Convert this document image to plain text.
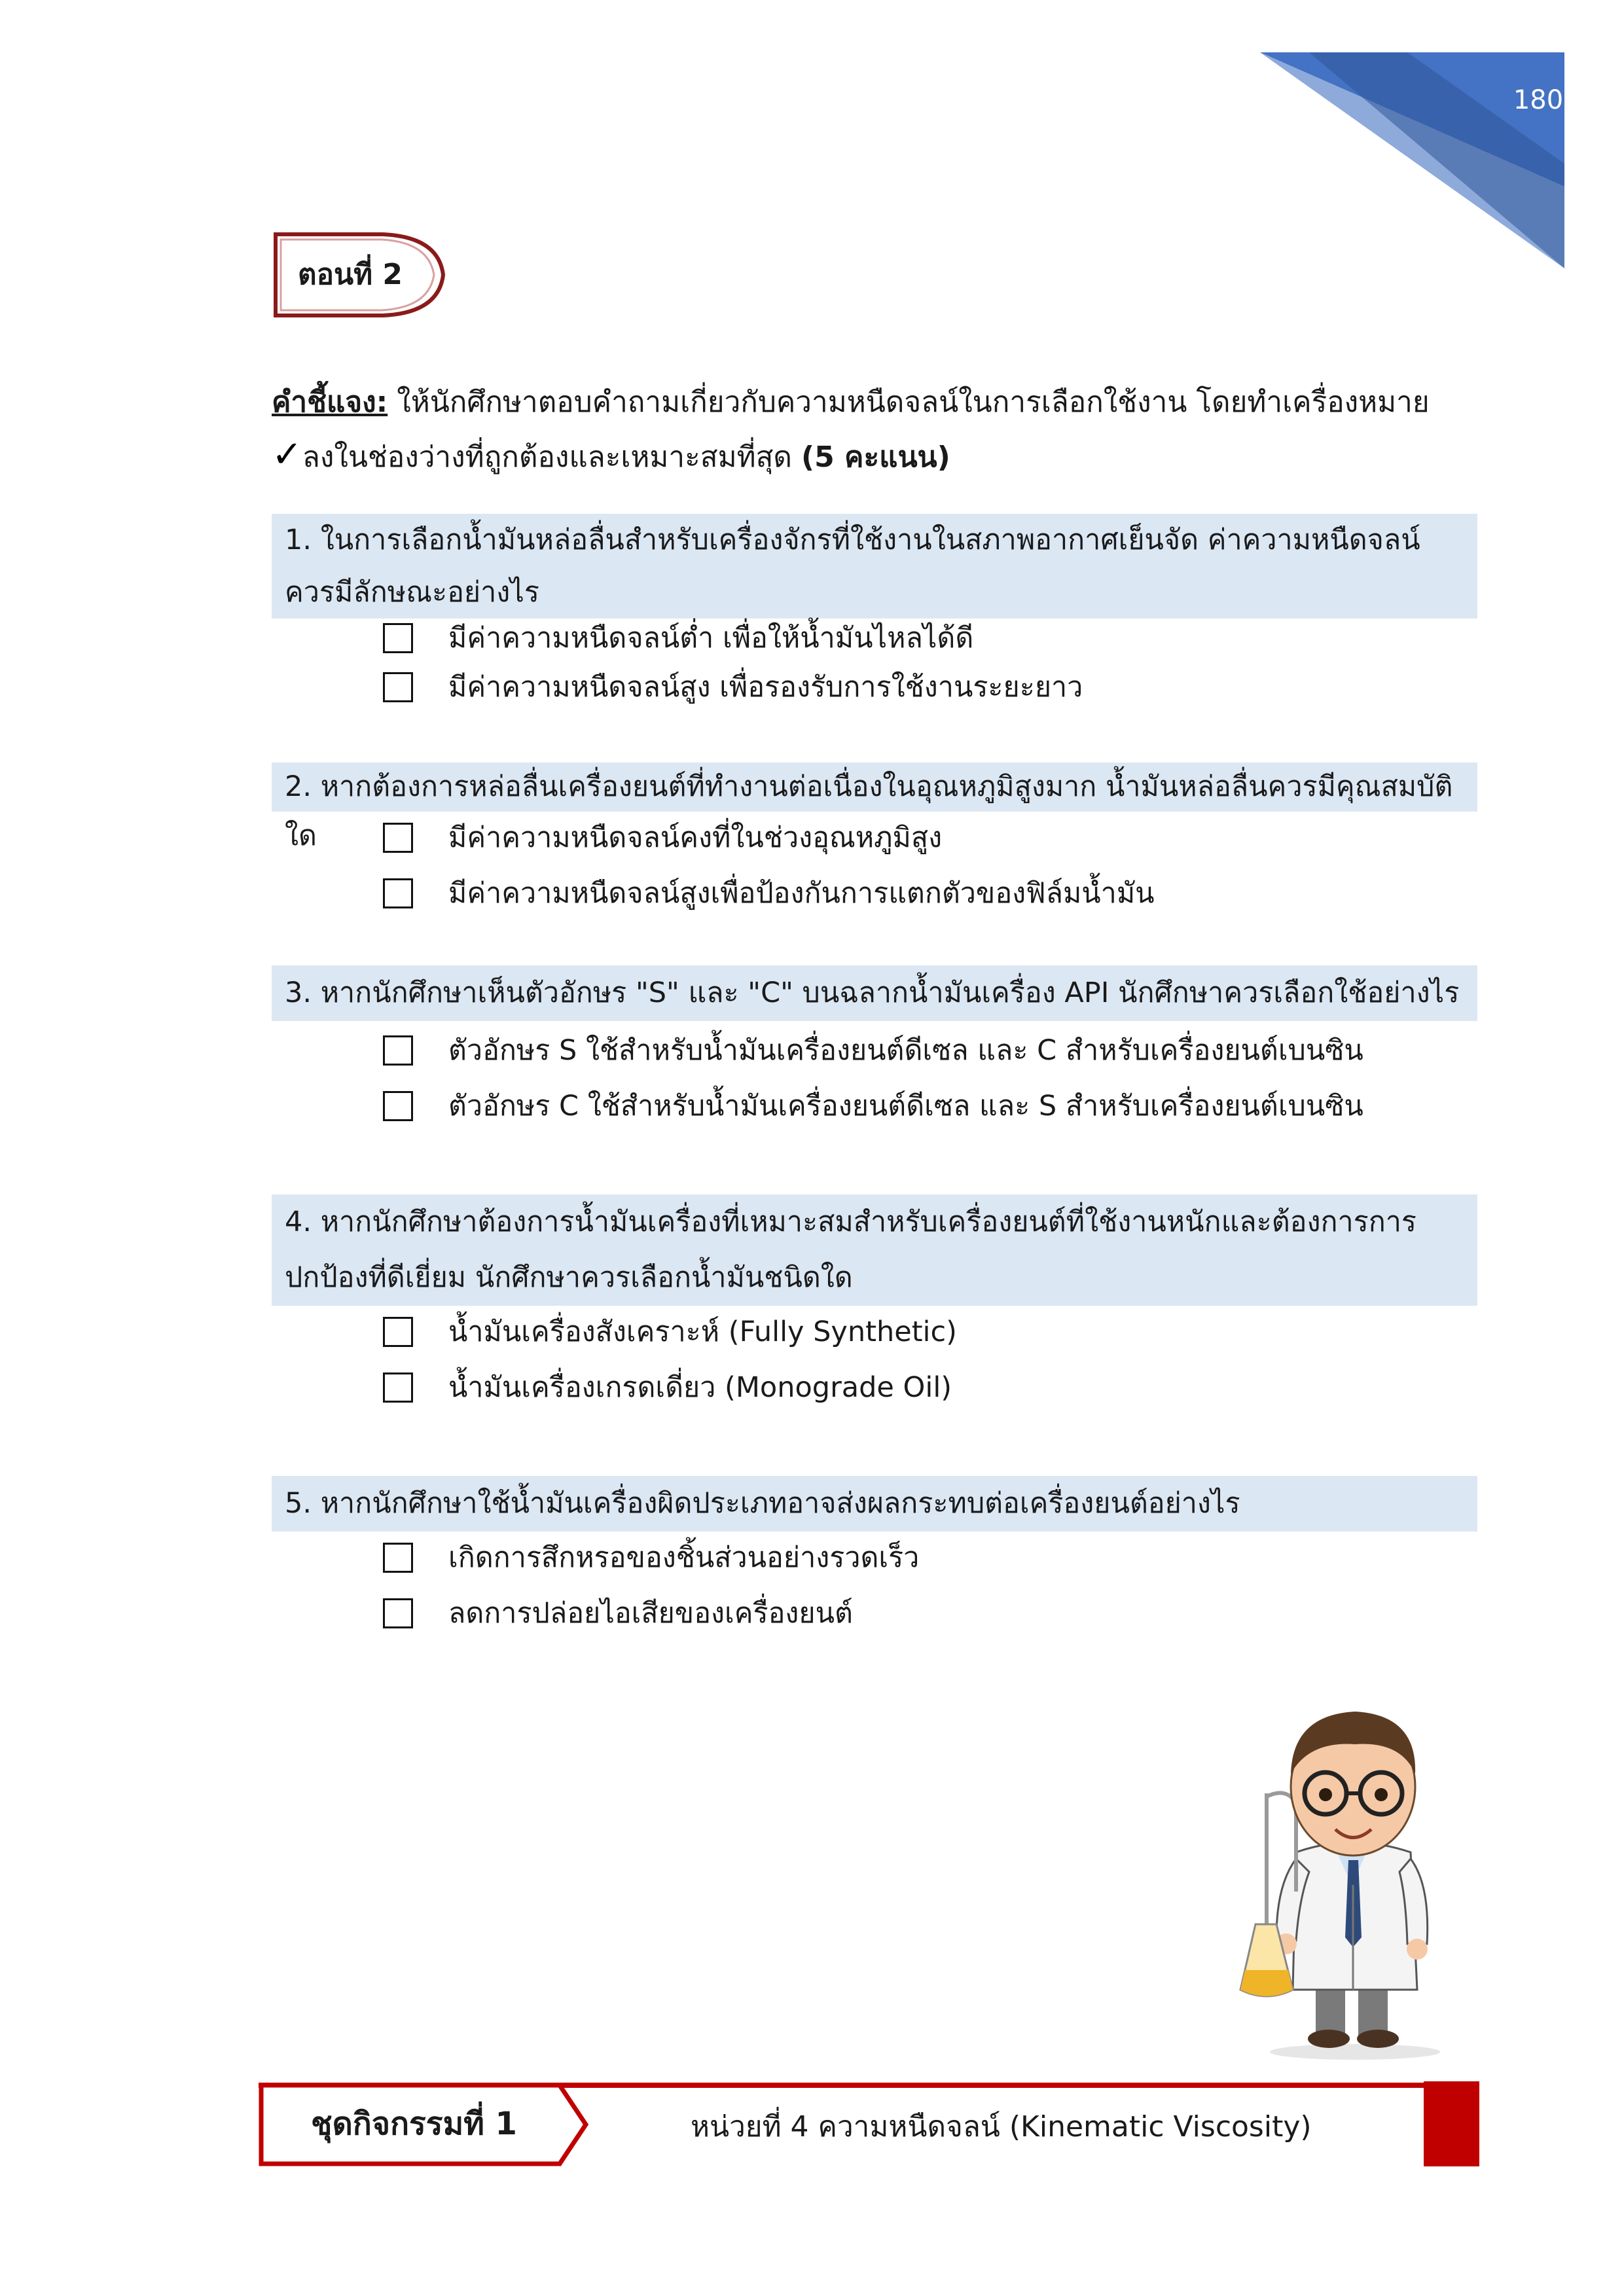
180
ตอนที่ 2
คำชี้แจง: ให้นักศึกษาตอบคำถามเกี่ยวกับความหนืดจลน์ในการเลือกใช้งาน โดยทำเครื่องหมาย ✓ลงในช่องว่างที่ถูกต้องและเหมาะสมที่สุด (5 คะแนน)
1. ในการเลือกน้ำมันหล่อลื่นสำหรับเครื่องจักรที่ใช้งานในสภาพอากาศเย็นจัด ค่าความหนืดจลน์ ควรมีลักษณะอย่างไร
มีค่าความหนืดจลน์ต่ำ เพื่อให้น้ำมันไหลได้ดี
มีค่าความหนืดจลน์สูง เพื่อรองรับการใช้งานระยะยาว
2. หากต้องการหล่อลื่นเครื่องยนต์ที่ทำงานต่อเนื่องในอุณหภูมิสูงมาก น้ำมันหล่อลื่นควรมีคุณสมบัติใด	มีค่าความหนืดจลน์คงที่ในช่วงอุณหภูมิสูง
มีค่าความหนืดจลน์สูงเพื่อป้องกันการแตกตัวของฟิล์มน้ำมัน
3. หากนักศึกษาเห็นตัวอักษร "S" และ "C" บนฉลากน้ำมันเครื่อง API นักศึกษาควรเลือกใช้อย่างไร
ตัวอักษร S ใช้สำหรับน้ำมันเครื่องยนต์ดีเซล และ C สำหรับเครื่องยนต์เบนซิน
ตัวอักษร C ใช้สำหรับน้ำมันเครื่องยนต์ดีเซล และ S สำหรับเครื่องยนต์เบนซิน
4. หากนักศึกษาต้องการน้ำมันเครื่องที่เหมาะสมสำหรับเครื่องยนต์ที่ใช้งานหนักและต้องการการปกป้องที่ดีเยี่ยม นักศึกษาควรเลือกน้ำมันชนิดใด
น้ำมันเครื่องสังเคราะห์ (Fully Synthetic)
น้ำมันเครื่องเกรดเดี่ยว (Monograde Oil)
5. หากนักศึกษาใช้น้ำมันเครื่องผิดประเภทอาจส่งผลกระทบต่อเครื่องยนต์อย่างไร
เกิดการสึกหรอของชิ้นส่วนอย่างรวดเร็ว
ลดการปล่อยไอเสียของเครื่องยนต์
ชุดกิจกรรมที่ 1	หน่วยที่ 4 ความหนืดจลน์ (Kinematic Viscosity)
